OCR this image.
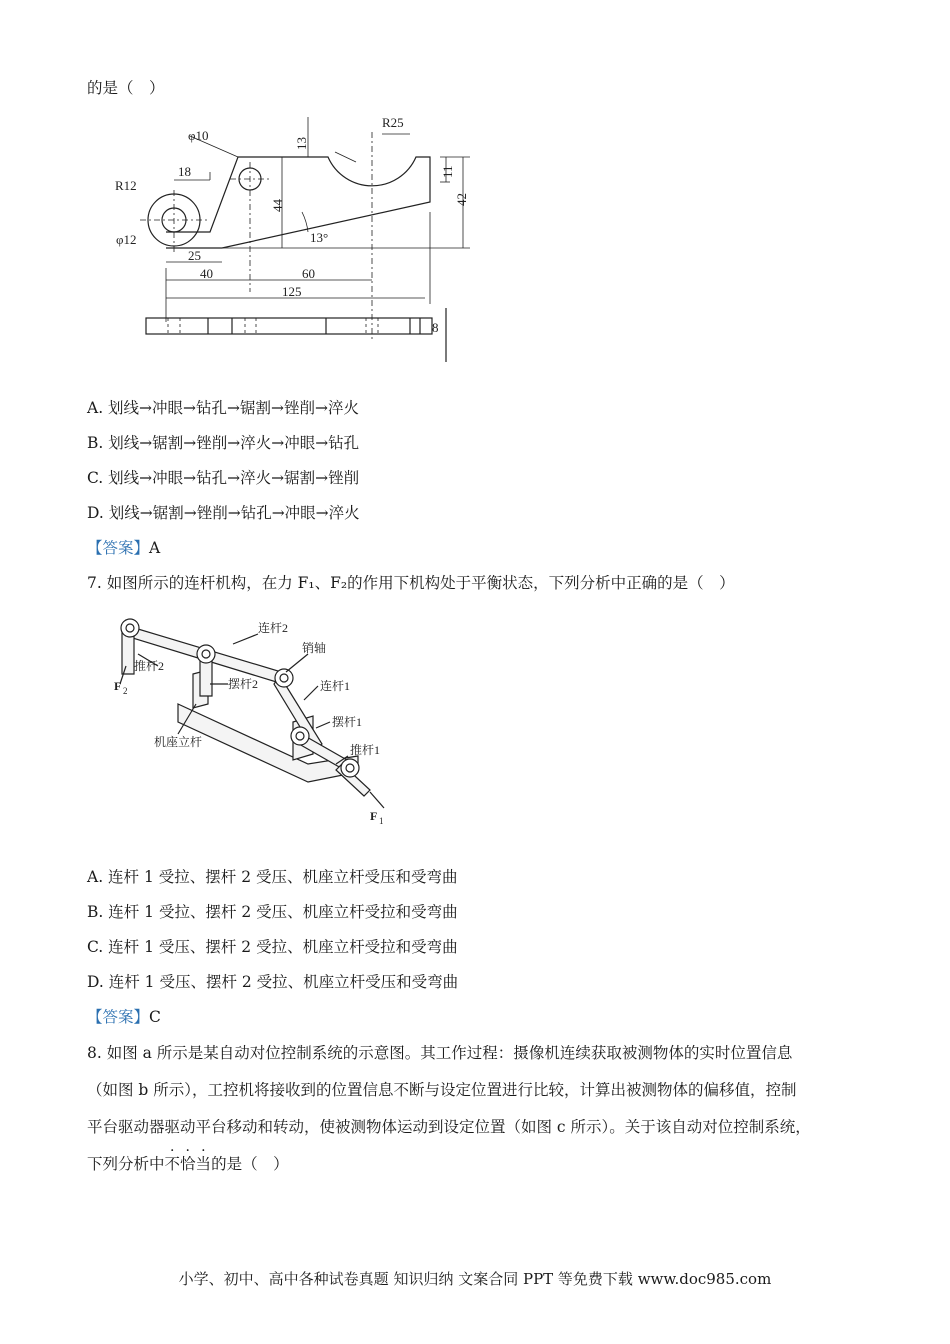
的是（　）
φ10
R25
13
18
R12
11
44	42
φ12	13°
25
40	60
125
8
A. 划线→冲眼→钻孔→锯割→锉削→淬火
B. 划线→锯割→锉削→淬火→冲眼→钻孔
C. 划线→冲眼→钻孔→淬火→锯割→锉削
D. 划线→锯割→锉削→钻孔→冲眼→淬火
【答案】A
7. 如图所示的连杆机构，在力 F₁、F₂的作用下机构处于平衡状态，下列分析中正确的是（　）
连杆2
销轴
推杆2
摆杆2	连杆1
摆杆1
机座立杆
推杆1
F 2
F 1
A. 连杆 1 受拉、摆杆 2 受压、机座立杆受压和受弯曲
B. 连杆 1 受拉、摆杆 2 受压、机座立杆受拉和受弯曲
C. 连杆 1 受压、摆杆 2 受拉、机座立杆受拉和受弯曲
D. 连杆 1 受压、摆杆 2 受拉、机座立杆受压和受弯曲
【答案】C
8. 如图 a 所示是某自动对位控制系统的示意图。其工作过程：摄像机连续获取被测物体的实时位置信息
（如图 b 所示），工控机将接收到的位置信息不断与设定位置进行比较，计算出被测物体的偏移值，控制
平台驱动器驱动平台移动和转动，使被测物体运动到设定位置（如图 c 所示）。关于该自动对位控制系统，
下列分析中不恰当的是（　）
小学、初中、高中各种试卷真题 知识归纳 文案合同 PPT 等免费下载 www.doc985.com
